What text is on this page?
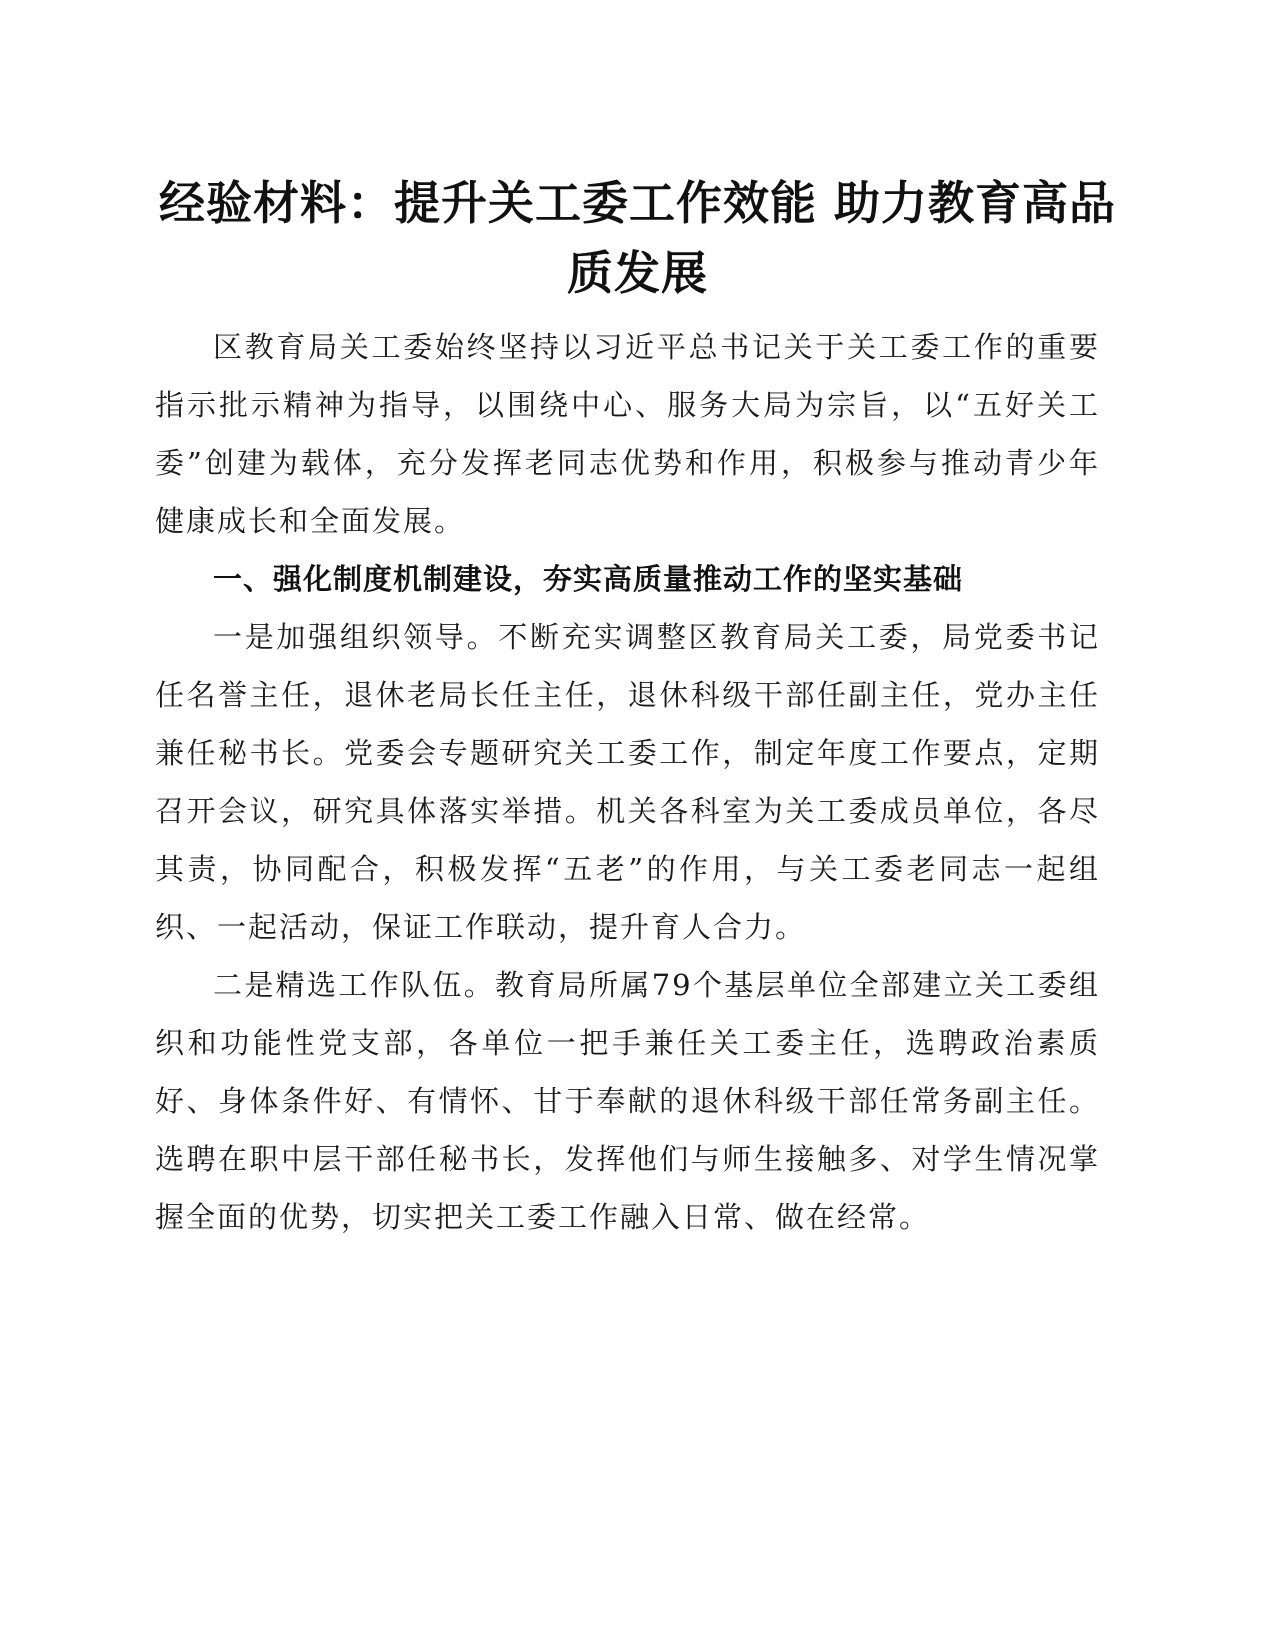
经验材料：提升关工委工作效能 助力教育高品质发展

区教育局关工委始终坚持以习近平总书记关于关工委工作的重要指示批示精神为指导，以围绕中心、服务大局为宗旨，以“五好关工委”创建为载体，充分发挥老同志优势和作用，积极参与推动青少年健康成长和全面发展。

一、强化制度机制建设，夯实高质量推动工作的坚实基础

一是加强组织领导。不断充实调整区教育局关工委，局党委书记任名誉主任，退休老局长任主任，退休科级干部任副主任，党办主任兼任秘书长。党委会专题研究关工委工作，制定年度工作要点，定期召开会议，研究具体落实举措。机关各科室为关工委成员单位，各尽其责，协同配合，积极发挥“五老”的作用，与关工委老同志一起组织、一起活动，保证工作联动，提升育人合力。

二是精选工作队伍。教育局所属79个基层单位全部建立关工委组织和功能性党支部，各单位一把手兼任关工委主任，选聘政治素质好、身体条件好、有情怀、甘于奉献的退休科级干部任常务副主任。选聘在职中层干部任秘书长，发挥他们与师生接触多、对学生情况掌握全面的优势，切实把关工委工作融入日常、做在经常。
